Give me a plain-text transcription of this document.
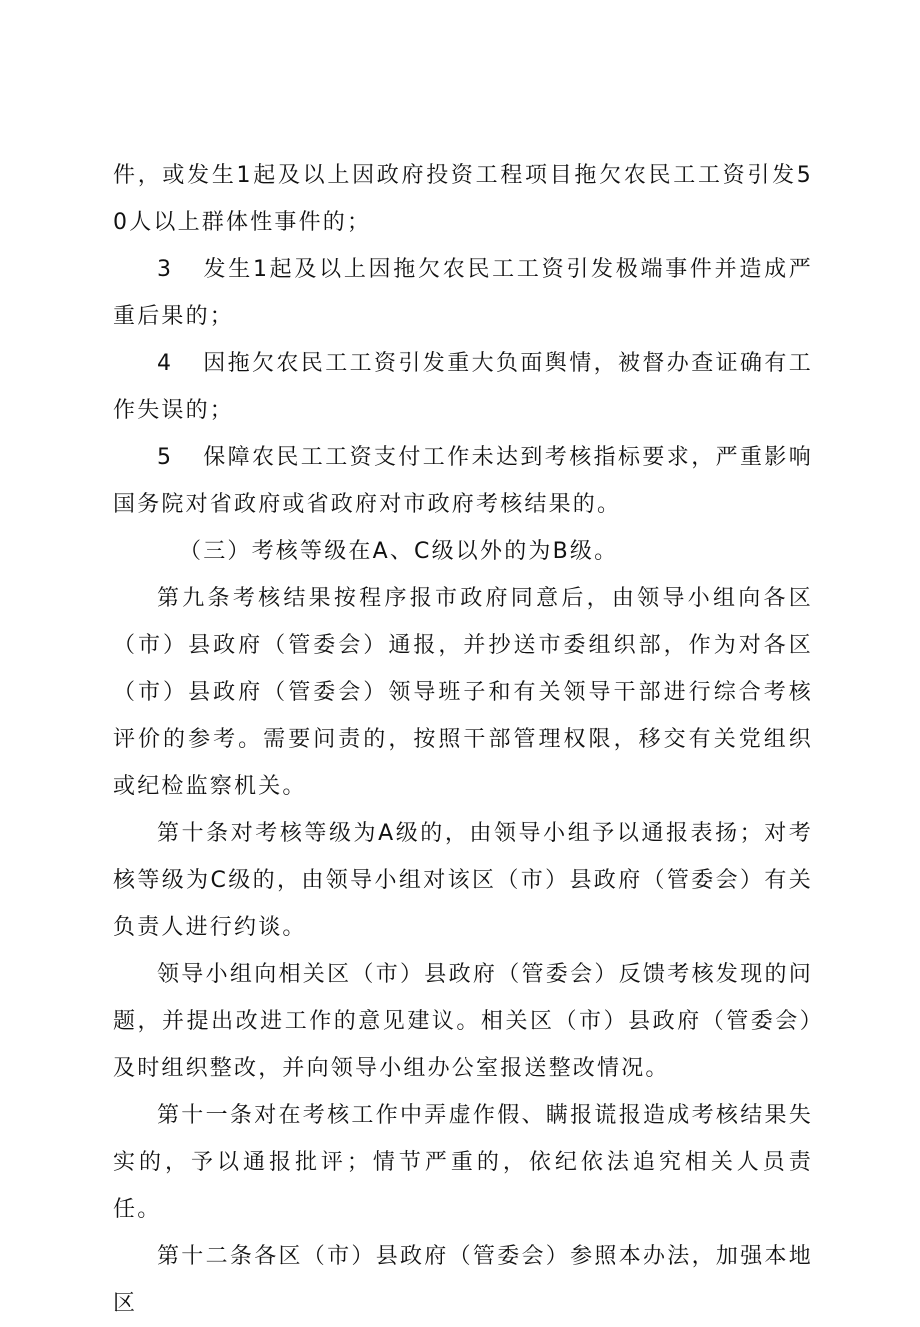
件，或发生1起及以上因政府投资工程项目拖欠农民工工资引发50人以上群体性事件的；

3 发生1起及以上因拖欠农民工工资引发极端事件并造成严重后果的；

4 因拖欠农民工工资引发重大负面舆情，被督办查证确有工作失误的；

5 保障农民工工资支付工作未达到考核指标要求，严重影响国务院对省政府或省政府对市政府考核结果的。

（三）考核等级在A、C级以外的为B级。

第九条考核结果按程序报市政府同意后，由领导小组向各区（市）县政府（管委会）通报，并抄送市委组织部，作为对各区（市）县政府（管委会）领导班子和有关领导干部进行综合考核评价的参考。需要问责的，按照干部管理权限，移交有关党组织或纪检监察机关。

第十条对考核等级为A级的，由领导小组予以通报表扬；对考核等级为C级的，由领导小组对该区（市）县政府（管委会）有关负责人进行约谈。

领导小组向相关区（市）县政府（管委会）反馈考核发现的问题，并提出改进工作的意见建议。相关区（市）县政府（管委会）及时组织整改，并向领导小组办公室报送整改情况。

第十一条对在考核工作中弄虚作假、瞒报谎报造成考核结果失实的，予以通报批评；情节严重的，依纪依法追究相关人员责任。

第十二条各区（市）县政府（管委会）参照本办法，加强本地区
